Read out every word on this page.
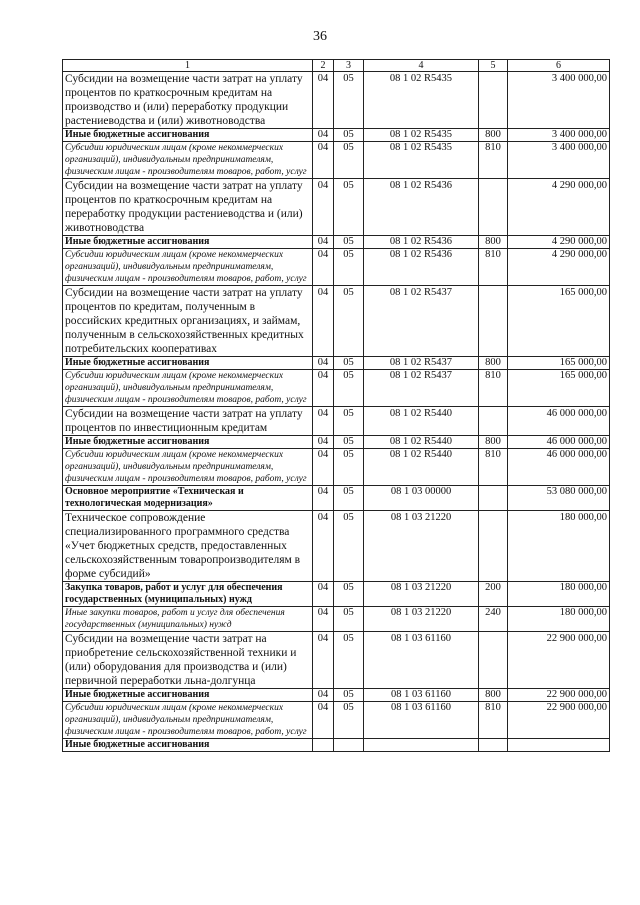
36
1	2	3	4	5	6
Субсидии на возмещение части затрат на уплату процентов по краткосрочным кредитам на производство и (или) переработку продукции растениеводства и (или) животноводства	04	05	08 1 02 R5435		3 400 000,00
Иные бюджетные ассигнования	04	05	08 1 02 R5435	800	3 400 000,00
Субсидии юридическим лицам (кроме некоммерческих организаций), индивидуальным предпринимателям, физическим лицам - производителям товаров, работ, услуг	04	05	08 1 02 R5435	810	3 400 000,00
Субсидии на возмещение части затрат на уплату процентов по краткосрочным кредитам на переработку продукции растениеводства и (или) животноводства	04	05	08 1 02 R5436		4 290 000,00
Иные бюджетные ассигнования	04	05	08 1 02 R5436	800	4 290 000,00
Субсидии юридическим лицам (кроме некоммерческих организаций), индивидуальным предпринимателям, физическим лицам - производителям товаров, работ, услуг	04	05	08 1 02 R5436	810	4 290 000,00
Субсидии на возмещение части затрат на уплату процентов по кредитам, полученным в российских кредитных организациях, и займам, полученным в сельскохозяйственных кредитных потребительских кооперативах	04	05	08 1 02 R5437		165 000,00
Иные бюджетные ассигнования	04	05	08 1 02 R5437	800	165 000,00
Субсидии юридическим лицам (кроме некоммерческих организаций), индивидуальным предпринимателям, физическим лицам - производителям товаров, работ, услуг	04	05	08 1 02 R5437	810	165 000,00
Субсидии на возмещение части затрат на уплату процентов по инвестиционным кредитам	04	05	08 1 02 R5440		46 000 000,00
Иные бюджетные ассигнования	04	05	08 1 02 R5440	800	46 000 000,00
Субсидии юридическим лицам (кроме некоммерческих организаций), индивидуальным предпринимателям, физическим лицам - производителям товаров, работ, услуг	04	05	08 1 02 R5440	810	46 000 000,00
Основное мероприятие «Техническая и технологическая модернизация»	04	05	08 1 03 00000		53 080 000,00
Техническое сопровождение специализированного программного средства «Учет бюджетных средств, предоставленных сельскохозяйственным товаропроизводителям в форме субсидий»	04	05	08 1 03 21220		180 000,00
Закупка товаров, работ и услуг для обеспечения государственных (муниципальных) нужд	04	05	08 1 03 21220	200	180 000,00
Иные закупки товаров, работ и услуг для обеспечения государственных (муниципальных) нужд	04	05	08 1 03 21220	240	180 000,00
Субсидии на возмещение части затрат на приобретение сельскохозяйственной техники и (или) оборудования для производства и (или) первичной переработки льна-долгунца	04	05	08 1 03 61160		22 900 000,00
Иные бюджетные ассигнования	04	05	08 1 03 61160	800	22 900 000,00
Субсидии юридическим лицам (кроме некоммерческих организаций), индивидуальным предпринимателям, физическим лицам - производителям товаров, работ, услуг	04	05	08 1 03 61160	810	22 900 000,00
Иные бюджетные ассигнования					
